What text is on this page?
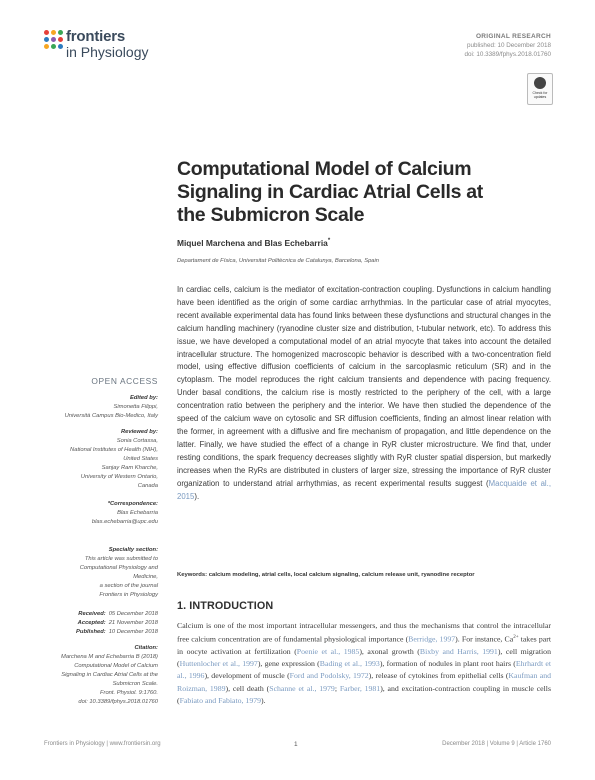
frontiers
in Physiology
ORIGINAL RESEARCH
published: 10 December 2018
doi: 10.3389/fphys.2018.01760
Check for updates
Computational Model of Calcium
Signaling in Cardiac Atrial Cells at
the Submicron Scale
Miquel Marchena and Blas Echebarria*
Departament de Física, Universitat Politècnica de Catalunya, Barcelona, Spain
In cardiac cells, calcium is the mediator of excitation-contraction coupling. Dysfunctions in calcium handling have been identified as the origin of some cardiac arrhythmias. In the particular case of atrial myocytes, recent available experimental data has found links between these dysfunctions and structural changes in the calcium handling machinery (ryanodine cluster size and distribution, t-tubular network, etc). To address this issue, we have developed a computational model of an atrial myocyte that takes into account the detailed intracellular structure. The homogenized macroscopic behavior is described with a two-concentration field model, using effective diffusion coefficients of calcium in the sarcoplasmic reticulum (SR) and in the cytoplasm. The model reproduces the right calcium transients and dependence with pacing frequency. Under basal conditions, the calcium rise is mostly restricted to the periphery of the cell, with a large concentration ratio between the periphery and the interior. We have then studied the dependence of the speed of the calcium wave on cytosolic and SR diffusion coefficients, finding an almost linear relation with the former, in agreement with a diffusive and fire mechanism of propagation, and little dependence on the latter. Finally, we have studied the effect of a change in RyR cluster microstructure. We find that, under resting conditions, the spark frequency decreases slightly with RyR cluster spatial dispersion, but markedly increases when the RyRs are distributed in clusters of larger size, stressing the importance of RyR cluster organization to understand atrial arrhythmias, as recent experimental results suggest (Macquaide et al., 2015).
Keywords: calcium modeling, atrial cells, local calcium signaling, calcium release unit, ryanodine receptor
1. INTRODUCTION
Calcium is one of the most important intracellular messengers, and thus the mechanisms that control the intracellular free calcium concentration are of fundamental physiological importance (Berridge, 1997). For instance, $Ca^{2+}$ takes part in oocyte activation at fertilization (Poenie et al., 1985), axonal growth (Bixby and Harris, 1991), cell migration (Huttenlocher et al., 1997), gene expression (Bading et al., 1993), formation of nodules in plant root hairs (Ehrhardt et al., 1996), development of muscle (Ford and Podolsky, 1972), release of cytokines from epithelial cells (Kaufman and Roizman, 1989), cell death (Schanne et al., 1979; Farber, 1981), and excitation-contraction coupling in muscle cells (Fabiato and Fabiato, 1979).
OPEN ACCESS
Edited by:
Simonetta Filippi,
Università Campus Bio-Medico, Italy
Reviewed by:
Sonia Cortassa,
National Institutes of Health (NIH),
United States
Sanjay Ram Kharche,
University of Western Ontario,
Canada
*Correspondence:
Blas Echebarria
blas.echebarria@upc.edu
Specialty section:
This article was submitted to
Computational Physiology and
Medicine,
a section of the journal
Frontiers in Physiology
Received: 05 December 2018
Accepted: 21 November 2018
Published: 10 December 2018
Citation:
Marchena M and Echebarria B (2018)
Computational Model of Calcium
Signaling in Cardiac Atrial Cells at the
Submicron Scale.
Front. Physiol. 9:1760.
doi: 10.3389/fphys.2018.01760
Frontiers in Physiology | www.frontiersin.org	1	December 2018 | Volume 9 | Article 1760
